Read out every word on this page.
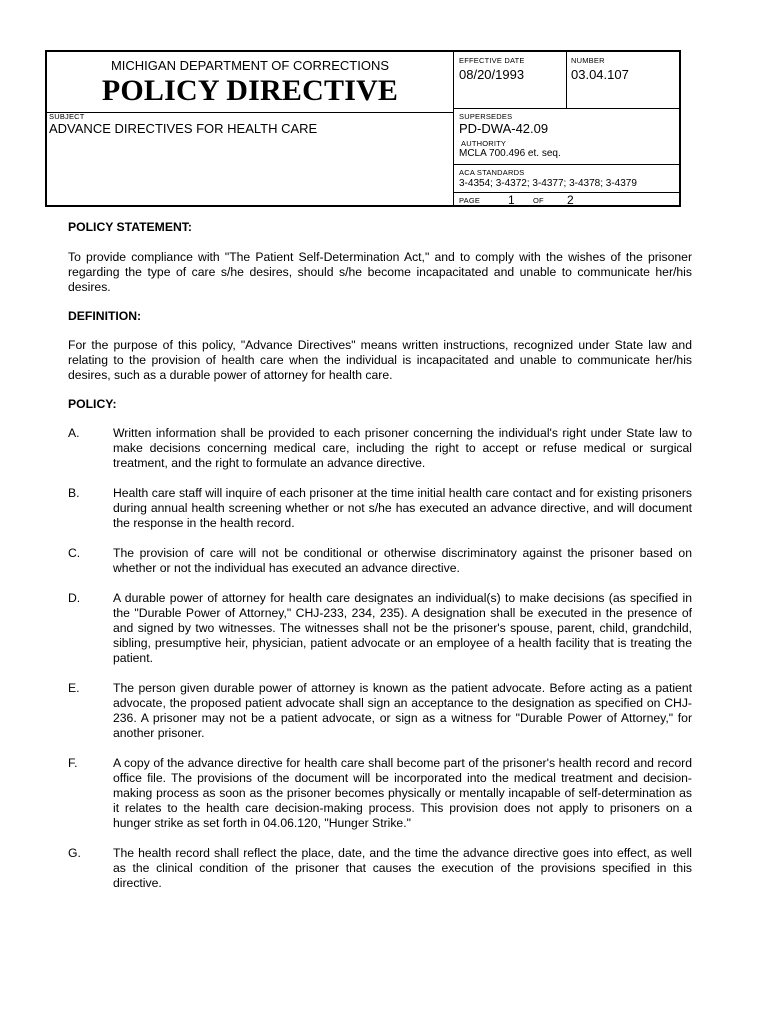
MICHIGAN DEPARTMENT OF CORRECTIONS
POLICY DIRECTIVE
SUBJECT
ADVANCE DIRECTIVES FOR HEALTH CARE
EFFECTIVE DATE
08/20/1993
NUMBER
03.04.107
SUPERSEDES
PD-DWA-42.09
AUTHORITY
MCLA 700.496 et. seq.
ACA STANDARDS
3-4354; 3-4372; 3-4377; 3-4378; 3-4379
PAGE 1 OF 2

POLICY STATEMENT:

To provide compliance with "The Patient Self-Determination Act," and to comply with the wishes of the prisoner regarding the type of care s/he desires, should s/he become incapacitated and unable to communicate her/his desires.

DEFINITION:

For the purpose of this policy, "Advance Directives" means written instructions, recognized under State law and relating to the provision of health care when the individual is incapacitated and unable to communicate her/his desires, such as a durable power of attorney for health care.

POLICY:

A.	Written information shall be provided to each prisoner concerning the individual's right under State law to make decisions concerning medical care, including the right to accept or refuse medical or surgical treatment, and the right to formulate an advance directive.
B.	Health care staff will inquire of each prisoner at the time initial health care contact and for existing prisoners during annual health screening whether or not s/he has executed an advance directive, and will document the response in the health record.
C.	The provision of care will not be conditional or otherwise discriminatory against the prisoner based on whether or not the individual has executed an advance directive.
D.	A durable power of attorney for health care designates an individual(s) to make decisions (as specified in the "Durable Power of Attorney," CHJ-233, 234, 235). A designation shall be executed in the presence of and signed by two witnesses. The witnesses shall not be the prisoner's spouse, parent, child, grandchild, sibling, presumptive heir, physician, patient advocate or an employee of a health facility that is treating the patient.
E.	The person given durable power of attorney is known as the patient advocate. Before acting as a patient advocate, the proposed patient advocate shall sign an acceptance to the designation as specified on CHJ-236. A prisoner may not be a patient advocate, or sign as a witness for "Durable Power of Attorney," for another prisoner.
F.	A copy of the advance directive for health care shall become part of the prisoner's health record and record office file. The provisions of the document will be incorporated into the medical treatment and decision-making process as soon as the prisoner becomes physically or mentally incapable of self-determination as it relates to the health care decision-making process. This provision does not apply to prisoners on a hunger strike as set forth in 04.06.120, "Hunger Strike."
G.	The health record shall reflect the place, date, and the time the advance directive goes into effect, as well as the clinical condition of the prisoner that causes the execution of the provisions specified in this directive.
